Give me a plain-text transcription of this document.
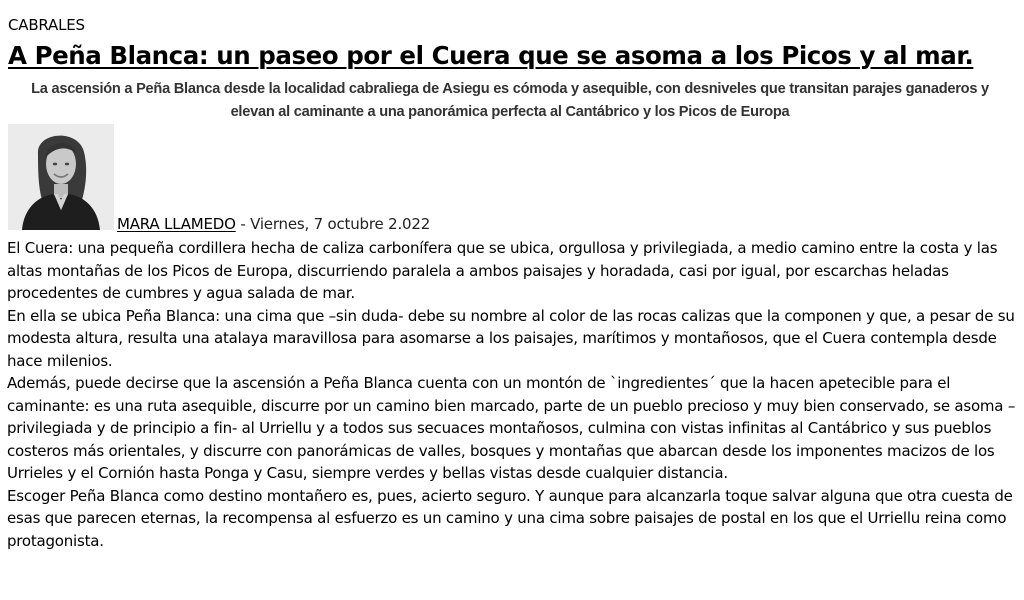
CABRALES
A Peña Blanca: un paseo por el Cuera que se asoma a los Picos y al mar.

La ascensión a Peña Blanca desde la localidad cabraliega de Asiegu es cómoda y asequible, con desniveles que transitan parajes ganaderos y elevan al caminante a una panorámica perfecta al Cantábrico y los Picos de Europa

MARA LLAMEDO - Viernes, 7 octubre 2.022

El Cuera: una pequeña cordillera hecha de caliza carbonífera que se ubica, orgullosa y privilegiada, a medio camino entre la costa y las altas montañas de los Picos de Europa, discurriendo paralela a ambos paisajes y horadada, casi por igual, por escarchas heladas procedentes de cumbres y agua salada de mar.

En ella se ubica Peña Blanca: una cima que –sin duda- debe su nombre al color de las rocas calizas que la componen y que, a pesar de su modesta altura, resulta una atalaya maravillosa para asomarse a los paisajes, marítimos y montañosos, que el Cuera contempla desde hace milenios.

Además, puede decirse que la ascensión a Peña Blanca cuenta con un montón de `ingredientes´ que la hacen apetecible para el caminante: es una ruta asequible, discurre por un camino bien marcado, parte de un pueblo precioso y muy bien conservado, se asoma –privilegiada y de principio a fin- al Urriellu y a todos sus secuaces montañosos, culmina con vistas infinitas al Cantábrico y sus pueblos costeros más orientales, y discurre con panorámicas de valles, bosques y montañas que abarcan desde los imponentes macizos de los Urrieles y el Cornión hasta Ponga y Casu, siempre verdes y bellas vistas desde cualquier distancia.

Escoger Peña Blanca como destino montañero es, pues, acierto seguro. Y aunque para alcanzarla toque salvar alguna que otra cuesta de esas que parecen eternas, la recompensa al esfuerzo es un camino y una cima sobre paisajes de postal en los que el Urriellu reina como protagonista.
